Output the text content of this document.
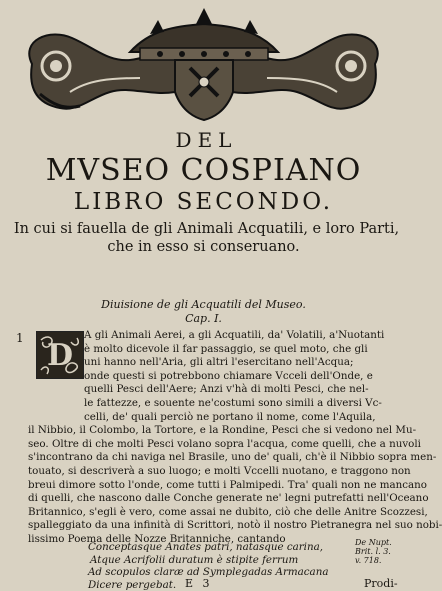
DEL
MVSEO COSPIANO
LIBRO SECONDO.
In cui si fauella de gli Animali Acquatili, e loro Parti,
che in esso si conseruano.
Diuisione de gli Acquatili del Museo.
Cap. I.
1	A gli Animali Aerei, a gli Acquatili, da' Volatili, a'Nuotanti
è molto dicevole il far passaggio, se quel moto, che gli
uni hanno nell'Aria, gli altri l'esercitano nell'Acqua;
onde questi si potrebbono chiamare Vcceli dell'Onde, e
quelli Pesci dell'Aere; Anzi v'hà di molti Pesci, che nel-
le fattezze, e souente ne'costumi sono simili a diversi Vc-
celli, de' quali perciò ne portano il nome, come l'Aquila,
il Nibbio, il Colombo, la Tortore, e la Rondine, Pesci che si vedono nel Mu-
seo. Oltre di che molti Pesci volano sopra l'acqua, come quelli, che a nuvoli
s'incontrano da chi naviga nel Brasile, uno de' quali, ch'è il Nibbio sopra men-
touato, si descriverà a suo luogo; e molti Vccelli nuotano, e traggono non
breui dimore sotto l'onde, come tutti i Palmipedi. Tra' quali non ne mancano
di quelli, che nascono dalle Conche generate ne' legni putrefatti nell'Oceano
Britannico, s'egli è vero, come assai ne dubito, ciò che delle Anitre Scozzesi,
spalleggiato da una infinità di Scrittori, notò il nostro Pietranegra nel suo nobi-
lissimo Poema delle Nozze Britanniche, cantando
D
Conceptasque Anates patri, natasque carina,
Atque Acrifolii duratum è stipite ferrum
Ad scopulos claræ ad Symplegadas Armacana
Dicere pergebat.
De Nupt.
Brit. l. 3.
v. 718.
E 3	Prodi-
